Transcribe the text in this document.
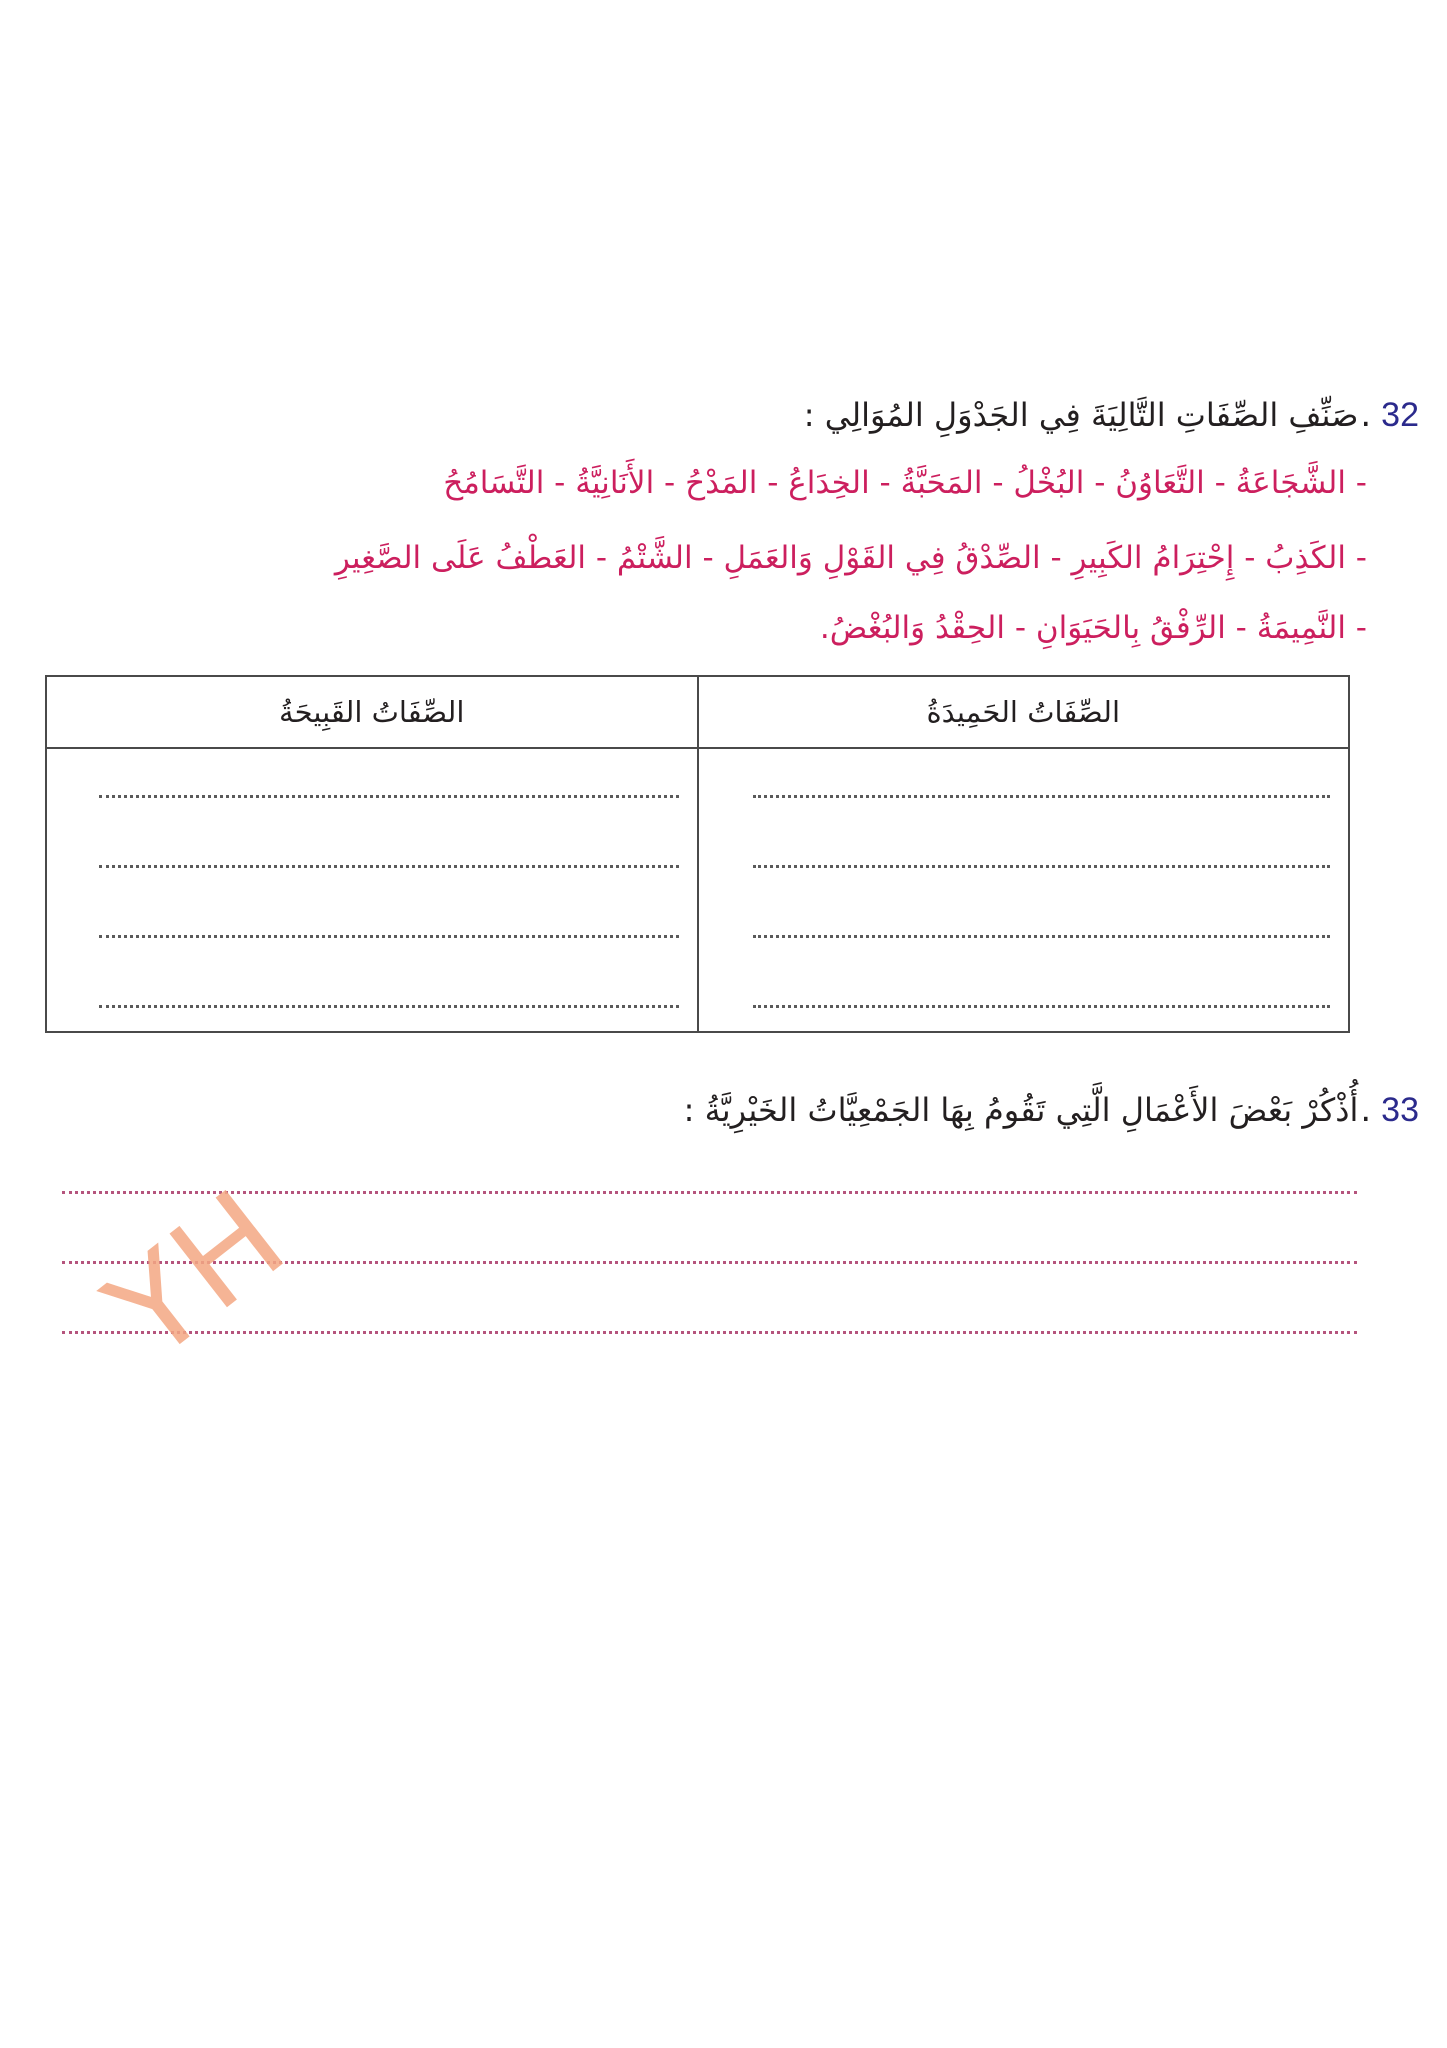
32
.
صَنِّفِ الصِّفَاتِ التَّالِيَةَ فِي الجَدْوَلِ المُوَالِي :
- الشَّجَاعَةُ - التَّعَاوُنُ - البُخْلُ - المَحَبَّةُ - الخِدَاعُ - المَدْحُ - الأَنَانِيَّةُ - التَّسَامُحُ
- الكَذِبُ - إِحْتِرَامُ الكَبِيرِ - الصِّدْقُ فِي القَوْلِ وَالعَمَلِ - الشَّتْمُ - العَطْفُ عَلَى الصَّغِيرِ
- النَّمِيمَةُ - الرِّفْقُ بِالحَيَوَانِ - الحِقْدُ وَالبُغْضُ.
الصِّفَاتُ القَبِيحَةُ	الصِّفَاتُ الحَمِيدَةُ
33
.
أُذْكُرْ بَعْضَ الأَعْمَالِ الَّتِي تَقُومُ بِهَا الجَمْعِيَّاتُ الخَيْرِيَّةُ :
YH
